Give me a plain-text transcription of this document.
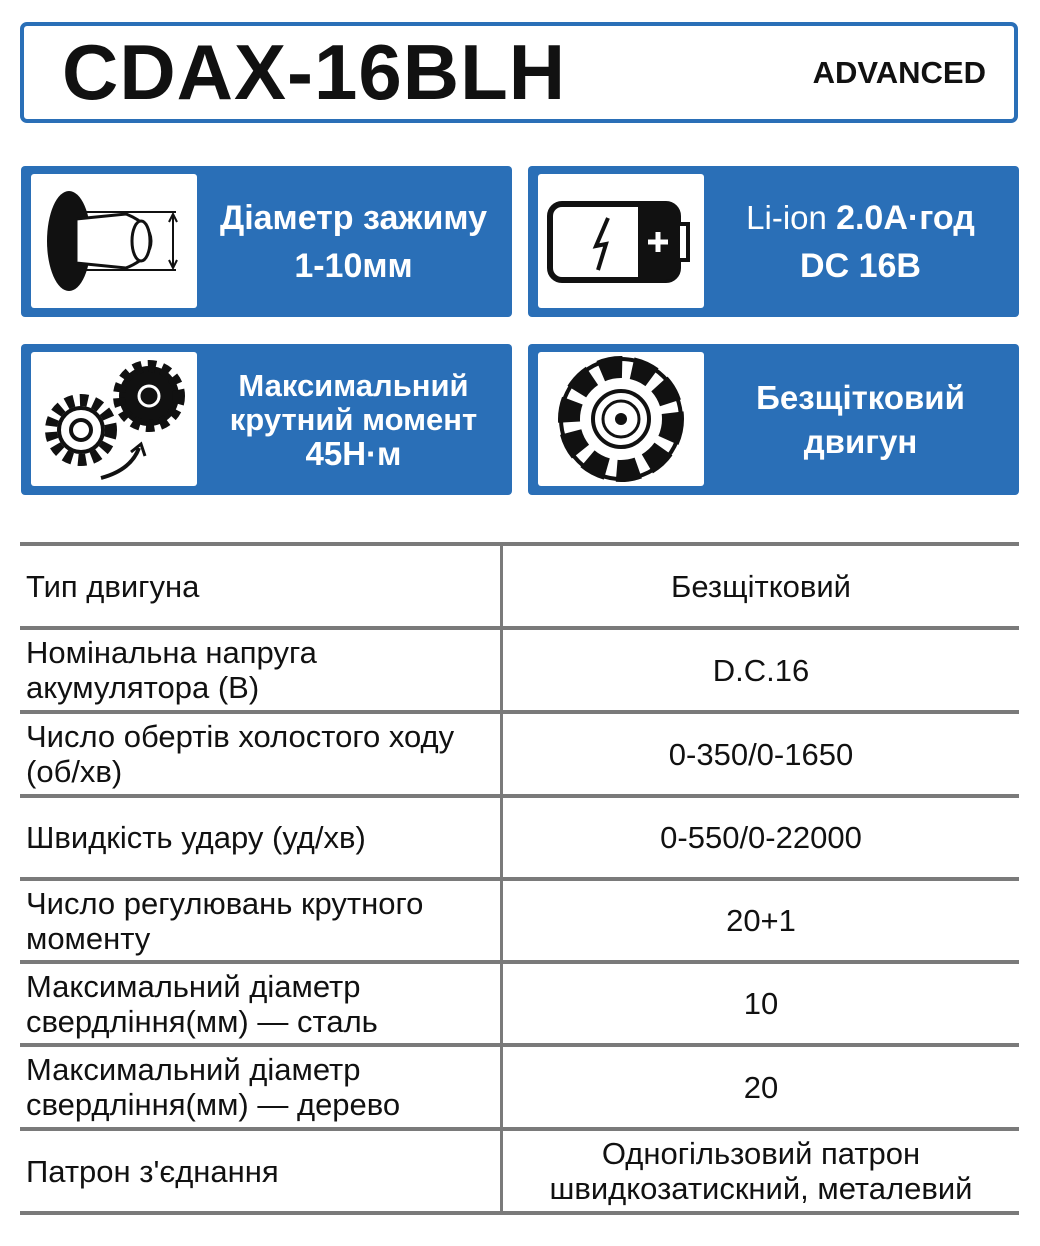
CDAX-16BLH	ADVANCED
Діаметр зажиму
1-10мм
Li-ion 2.0А·год
DC 16В
Максимальний
крутний момент
45Н·м
Безщітковий
двигун
Тип двигуна	Безщітковий
Номінальна напруга акумулятора (В)	D.C.16
Число обертів холостого ходу (об/хв)	0-350/0-1650
Швидкість удару (уд/хв)	0-550/0-22000
Число регулювань крутного моменту	20+1
Максимальний діаметр свердління(мм) — сталь	10
Максимальний діаметр свердління(мм) — дерево	20
Патрон з'єднання	Одногільзовий патрон швидкозатискний, металевий
